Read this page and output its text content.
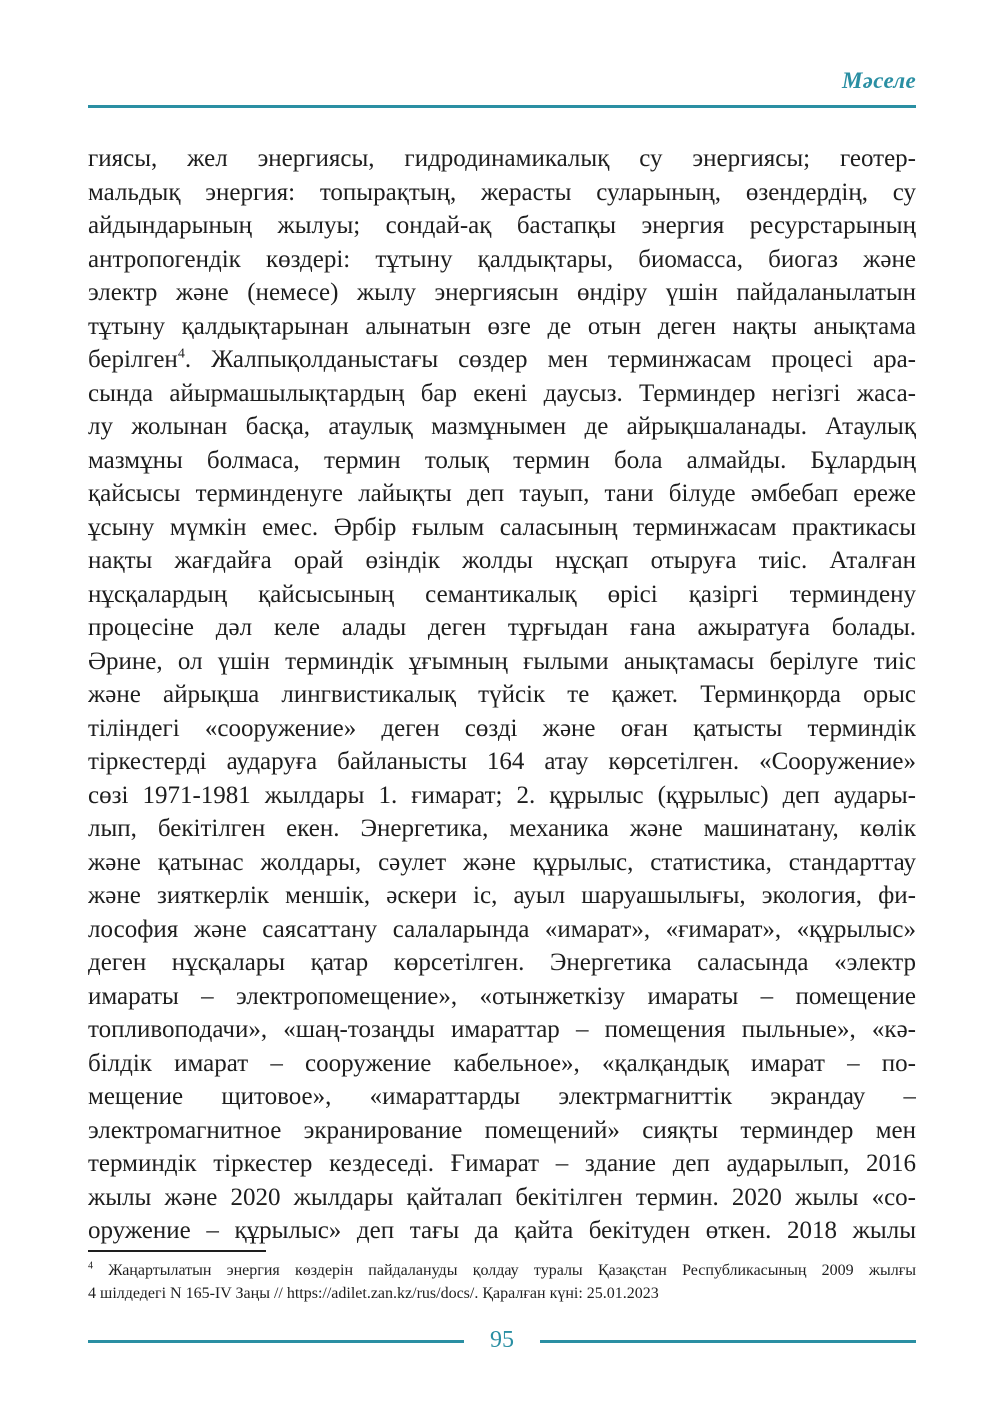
Мәселе
гиясы, жел энергиясы, гидродинамикалық су энергиясы; геотер-
мальдық энергия: топырақтың, жерасты суларының, өзендердің, су
айдындарының жылуы; сондай-ақ бастапқы энергия ресурстарының
антропогендік көздері: тұтыну қалдықтары, биомасса, биогаз және
электр және (немесе) жылу энергиясын өндіру үшін пайдаланылатын
тұтыну қалдықтарынан алынатын өзге де отын деген нақты анықтама
берілген$^4$. Жалпықолданыстағы сөздер мен терминжасам процесі ара-
сында айырмашылықтардың бар екені даусыз. Терминдер негізгі жаса-
лу жолынан басқа, атаулық мазмұнымен де айрықшаланады. Атаулық
мазмұны болмаса, термин толық термин бола алмайды. Бұлардың
қайсысы терминденуге лайықты деп тауып, тани білуде әмбебап ереже
ұсыну мүмкін емес. Әрбір ғылым саласының терминжасам практикасы
нақты жағдайға орай өзіндік жолды нұсқап отыруға тиіс. Аталған
нұсқалардың қайсысының семантикалық өрісі қазіргі терминдену
процесіне дәл келе алады деген тұрғыдан ғана ажыратуға болады.
Әрине, ол үшін терминдік ұғымның ғылыми анықтамасы берілуге тиіс
және айрықша лингвистикалық түйсік те қажет. Терминқорда орыс
тіліндегі «сооружение» деген сөзді және оған қатысты терминдік
тіркестерді аударуға байланысты 164 атау көрсетілген. «Сооружение»
сөзі 1971-1981 жылдары 1. ғимарат; 2. құрылыс (құрылыс) деп аудары-
лып, бекітілген екен. Энергетика, механика және машинатану, көлік
және қатынас жолдары, сәулет және құрылыс, статистика, стандарттау
және зияткерлік меншік, әскери іс, ауыл шаруашылығы, экология, фи-
лософия және саясаттану салаларында «имарат», «ғимарат», «құрылыс»
деген нұсқалары қатар көрсетілген. Энергетика саласында «электр
имараты – электропомещение», «отынжеткізу имараты – помещение
топливоподачи», «шаң-тозаңды имараттар – помещения пыльные», «кә-
білдік имарат – сооружение кабельное», «қалқандық имарат – по-
мещение щитовое», «имараттарды электрмагниттік экрандау –
электромагнитное экранирование помещений» сияқты терминдер мен
терминдік тіркестер кездеседі. Ғимарат – здание деп аударылып, 2016
жылы және 2020 жылдары қайталап бекітілген термин. 2020 жылы «со-
оружение – құрылыс» деп тағы да қайта бекітуден өткен. 2018 жылы
$^4$ Жаңартылатын энергия көздерін пайдалануды қолдау туралы Қазақстан Республикасының 2009 жылғы
4 шілдедегі N 165-IV Заңы // https://adilet.zan.kz/rus/docs/. Қаралған күні: 25.01.2023
95
